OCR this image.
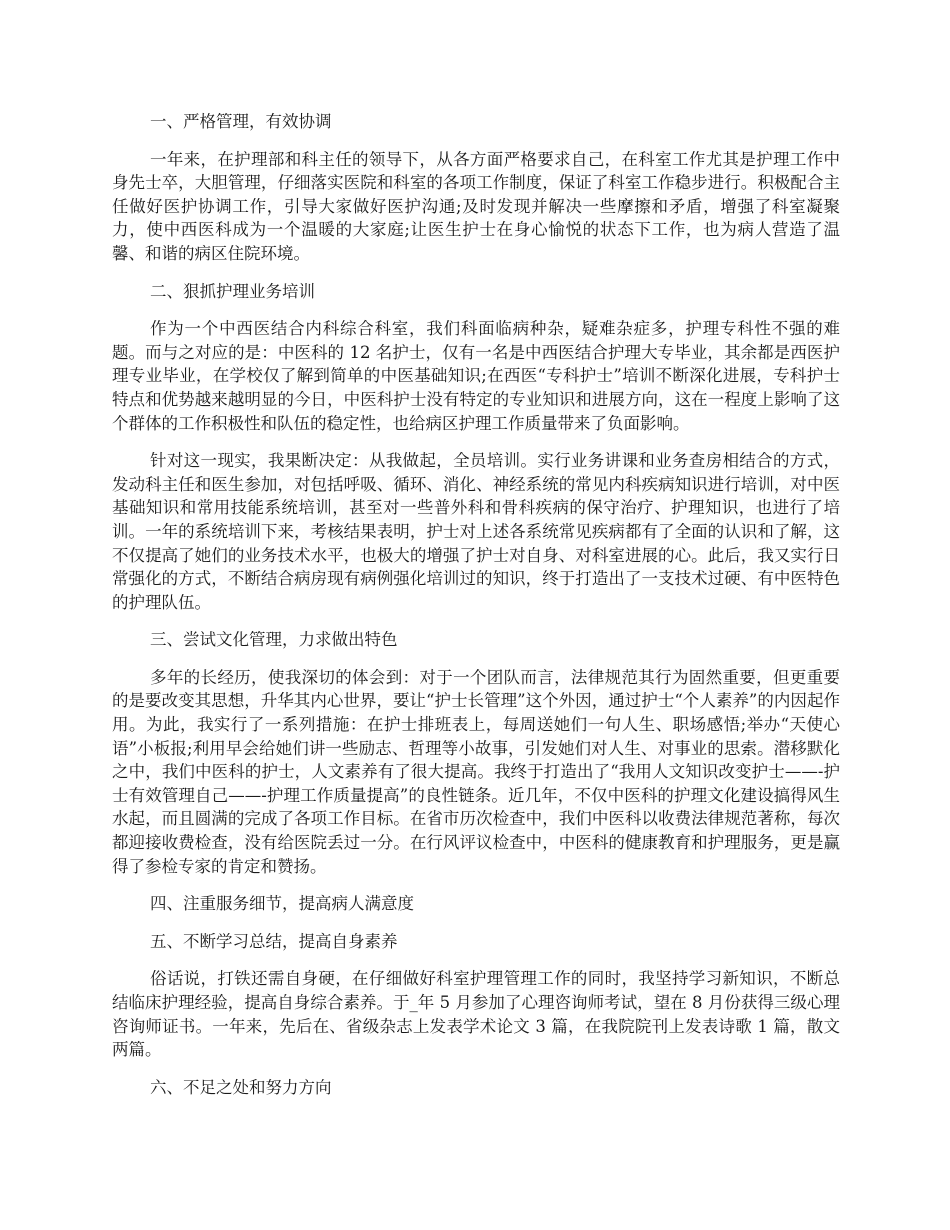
一、严格管理，有效协调

一年来，在护理部和科主任的领导下，从各方面严格要求自己，在科室工作尤其是护理工作中身先士卒，大胆管理，仔细落实医院和科室的各项工作制度，保证了科室工作稳步进行。积极配合主任做好医护协调工作，引导大家做好医护沟通;及时发现并解决一些摩擦和矛盾，增强了科室凝聚力，使中西医科成为一个温暖的大家庭;让医生护士在身心愉悦的状态下工作，也为病人营造了温馨、和谐的病区住院环境。

二、狠抓护理业务培训

作为一个中西医结合内科综合科室，我们科面临病种杂，疑难杂症多，护理专科性不强的难题。而与之对应的是：中医科的 12 名护士，仅有一名是中西医结合护理大专毕业，其余都是西医护理专业毕业，在学校仅了解到简单的中医基础知识;在西医“专科护士”培训不断深化进展，专科护士特点和优势越来越明显的今日，中医科护士没有特定的专业知识和进展方向，这在一程度上影响了这个群体的工作积极性和队伍的稳定性，也给病区护理工作质量带来了负面影响。

针对这一现实，我果断决定：从我做起，全员培训。实行业务讲课和业务查房相结合的方式，发动科主任和医生参加，对包括呼吸、循环、消化、神经系统的常见内科疾病知识进行培训，对中医基础知识和常用技能系统培训，甚至对一些普外科和骨科疾病的保守治疗、护理知识，也进行了培训。一年的系统培训下来，考核结果表明，护士对上述各系统常见疾病都有了全面的认识和了解，这不仅提高了她们的业务技术水平，也极大的增强了护士对自身、对科室进展的心。此后，我又实行日常强化的方式，不断结合病房现有病例强化培训过的知识，终于打造出了一支技术过硬、有中医特色的护理队伍。

三、尝试文化管理，力求做出特色

多年的长经历，使我深切的体会到：对于一个团队而言，法律规范其行为固然重要，但更重要的是要改变其思想，升华其内心世界，要让“护士长管理”这个外因，通过护士“个人素养”的内因起作用。为此，我实行了一系列措施：在护士排班表上，每周送她们一句人生、职场感悟;举办“天使心语”小板报;利用早会给她们讲一些励志、哲理等小故事，引发她们对人生、对事业的思索。潜移默化之中，我们中医科的护士，人文素养有了很大提高。我终于打造出了“我用人文知识改变护士——-护士有效管理自己——-护理工作质量提高”的良性链条。近几年，不仅中医科的护理文化建设搞得风生水起，而且圆满的完成了各项工作目标。在省市历次检查中，我们中医科以收费法律规范著称，每次都迎接收费检查，没有给医院丢过一分。在行风评议检查中，中医科的健康教育和护理服务，更是赢得了参检专家的肯定和赞扬。

四、注重服务细节，提高病人满意度

五、不断学习总结，提高自身素养

俗话说，打铁还需自身硬，在仔细做好科室护理管理工作的同时，我坚持学习新知识，不断总结临床护理经验，提高自身综合素养。于_年 5 月参加了心理咨询师考试，望在 8 月份获得三级心理咨询师证书。一年来，先后在、省级杂志上发表学术论文 3 篇，在我院院刊上发表诗歌 1 篇，散文两篇。

六、不足之处和努力方向
